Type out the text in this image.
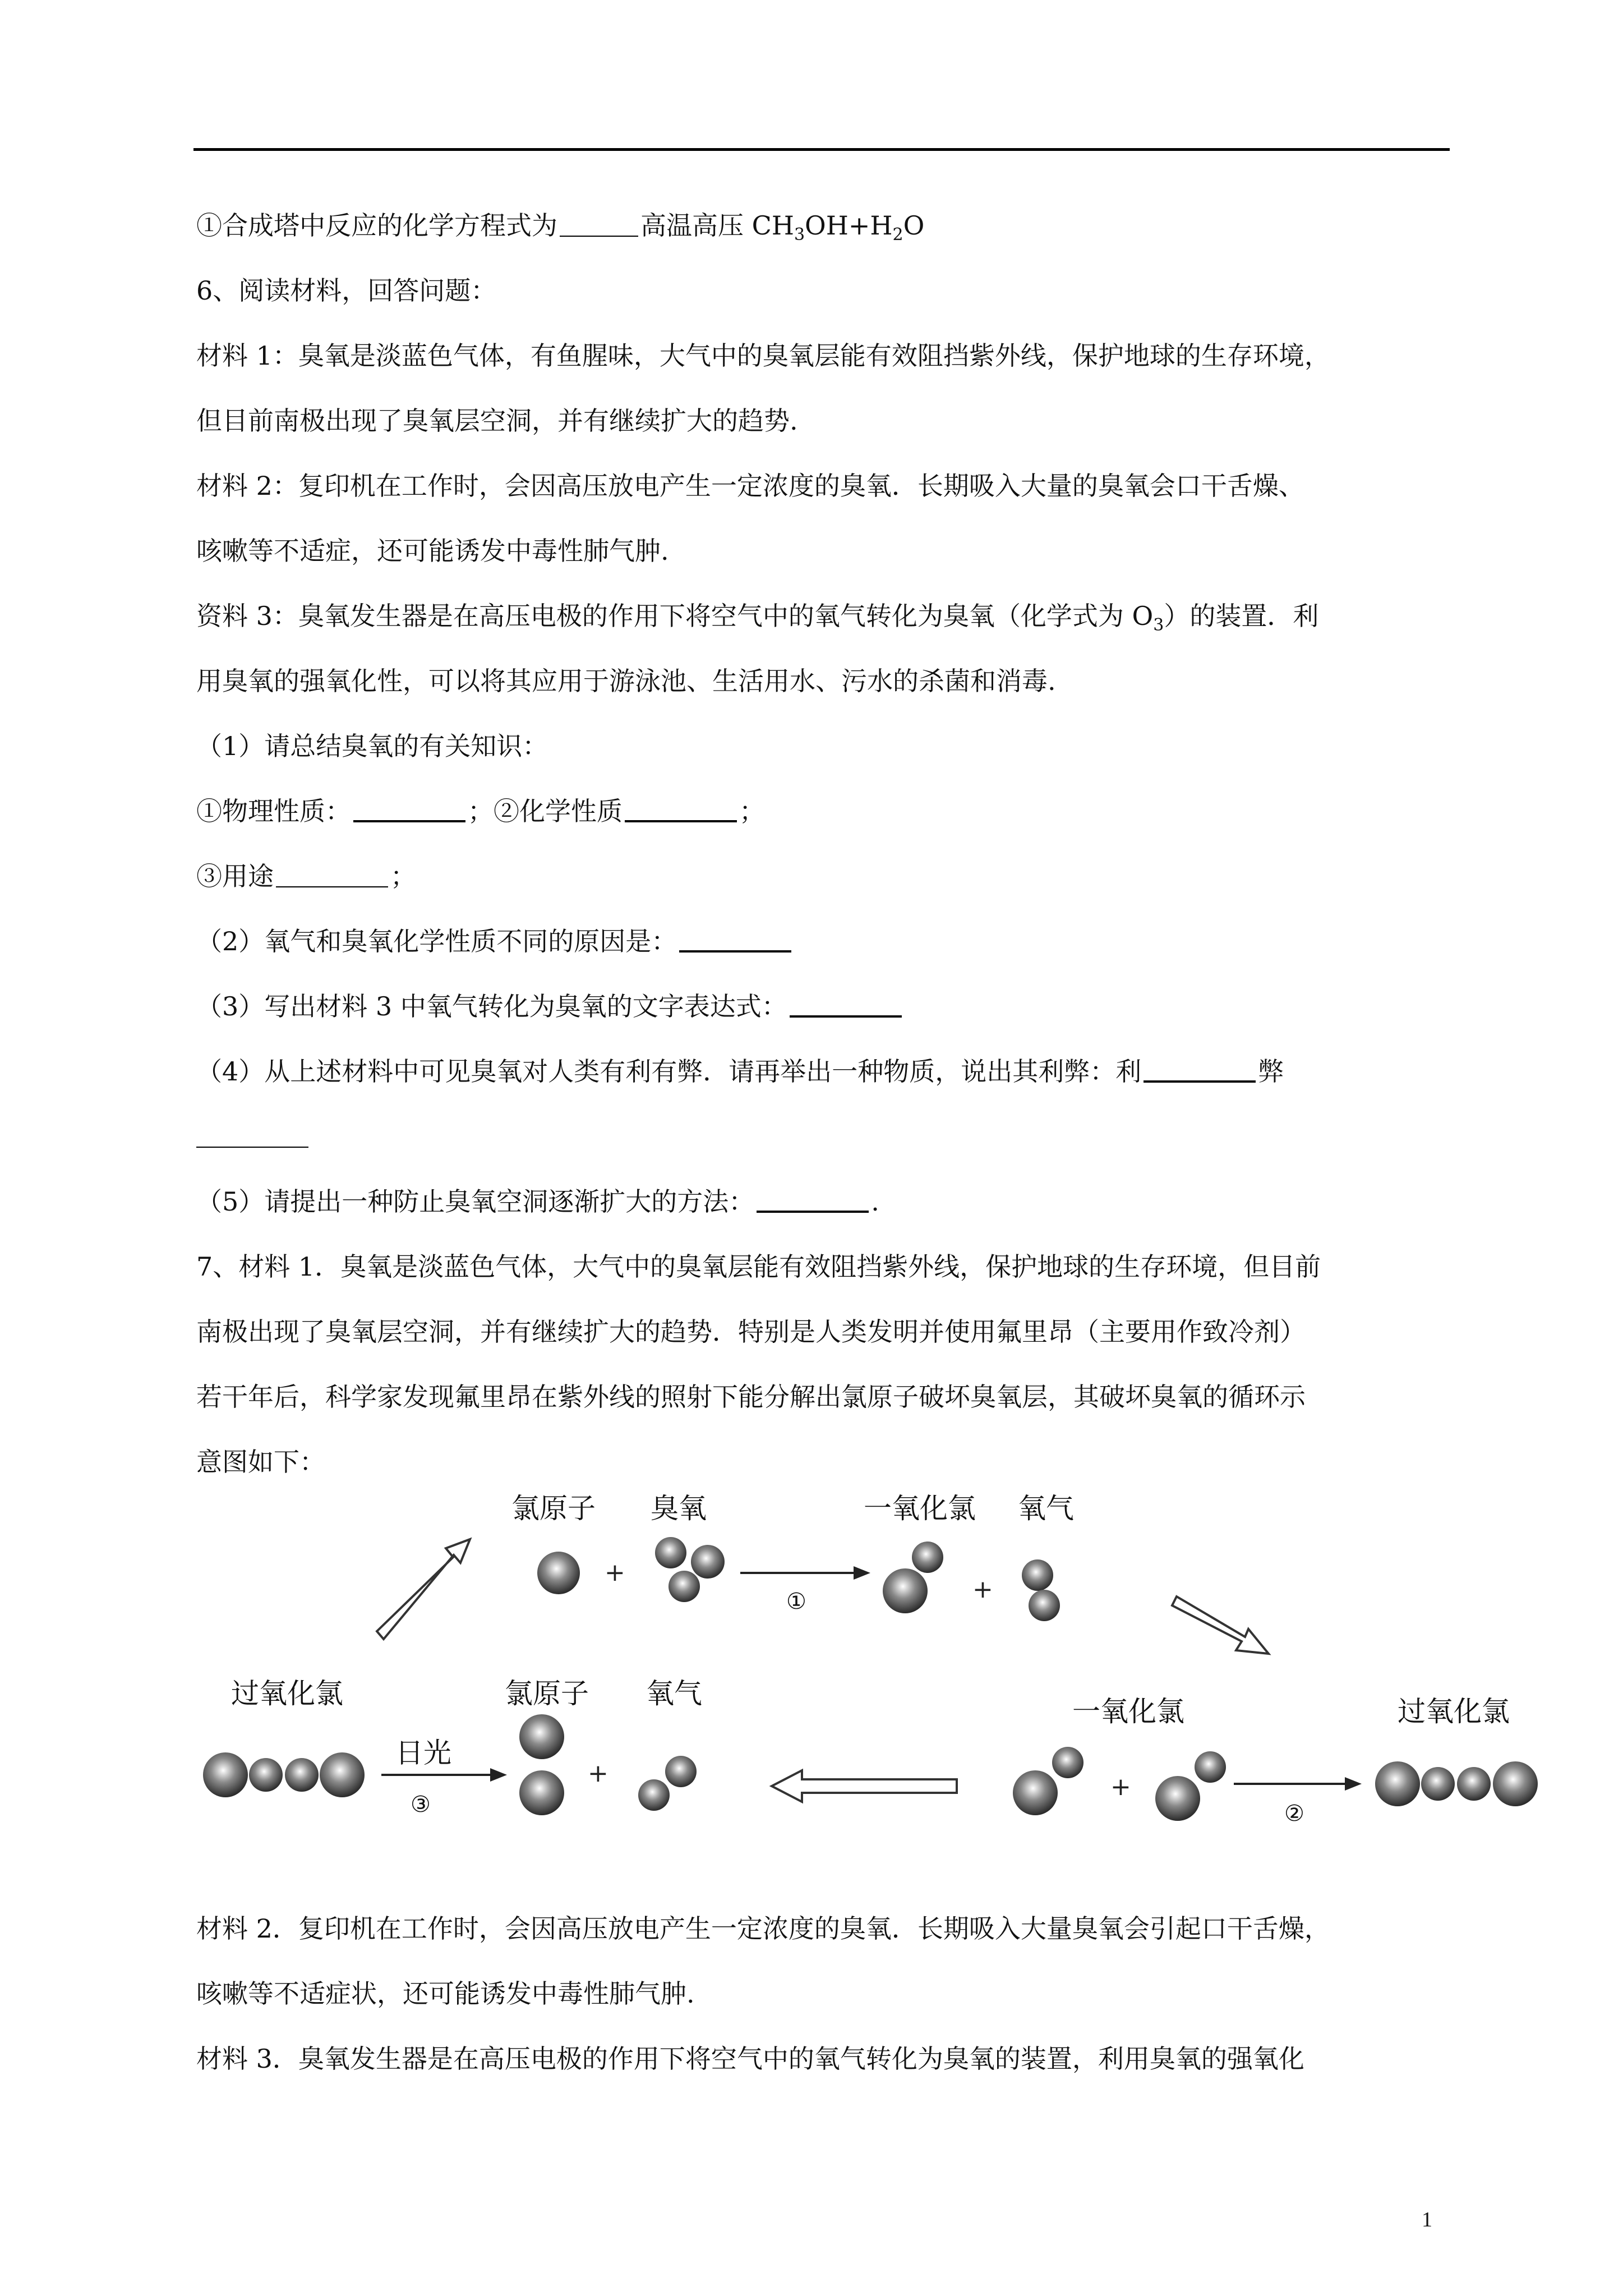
①合成塔中反应的化学方程式为	高温高压 $CH_3OH+H_2O$
6、阅读材料，回答问题：
材料 1：臭氧是淡蓝色气体，有鱼腥味，大气中的臭氧层能有效阻挡紫外线，保护地球的生存环境，
但目前南极出现了臭氧层空洞，并有继续扩大的趋势.
材料 2：复印机在工作时，会因高压放电产生一定浓度的臭氧．长期吸入大量的臭氧会口干舌燥、
咳嗽等不适症，还可能诱发中毒性肺气肿.
资料 3：臭氧发生器是在高压电极的作用下将空气中的氧气转化为臭氧（化学式为 $O_3$）的装置．利
用臭氧的强氧化性，可以将其应用于游泳池、生活用水、污水的杀菌和消毒.
（1）请总结臭氧的有关知识：
①物理性质：	；②化学性质	；
③用途	；
（2）氧气和臭氧化学性质不同的原因是：
（3）写出材料 3 中氧气转化为臭氧的文字表达式：
（4）从上述材料中可见臭氧对人类有利有弊．请再举出一种物质，说出其利弊：利	弊
（5）请提出一种防止臭氧空洞逐渐扩大的方法：	.
7、材料 1．臭氧是淡蓝色气体，大气中的臭氧层能有效阻挡紫外线，保护地球的生存环境，但目前
南极出现了臭氧层空洞，并有继续扩大的趋势．特别是人类发明并使用氟里昂（主要用作致冷剂）
若干年后，科学家发现氟里昂在紫外线的照射下能分解出氯原子破坏臭氧层，其破坏臭氧的循环示
意图如下：
氯原子 臭氧	一氧化氯 氧气
+
①	+
过氧化氯	氯原子 氧气
一氧化氯	过氧化氯
日光
③
+	+
②
材料 2．复印机在工作时，会因高压放电产生一定浓度的臭氧．长期吸入大量臭氧会引起口干舌燥，
咳嗽等不适症状，还可能诱发中毒性肺气肿.
材料 3．臭氧发生器是在高压电极的作用下将空气中的氧气转化为臭氧的装置，利用臭氧的强氧化
1
